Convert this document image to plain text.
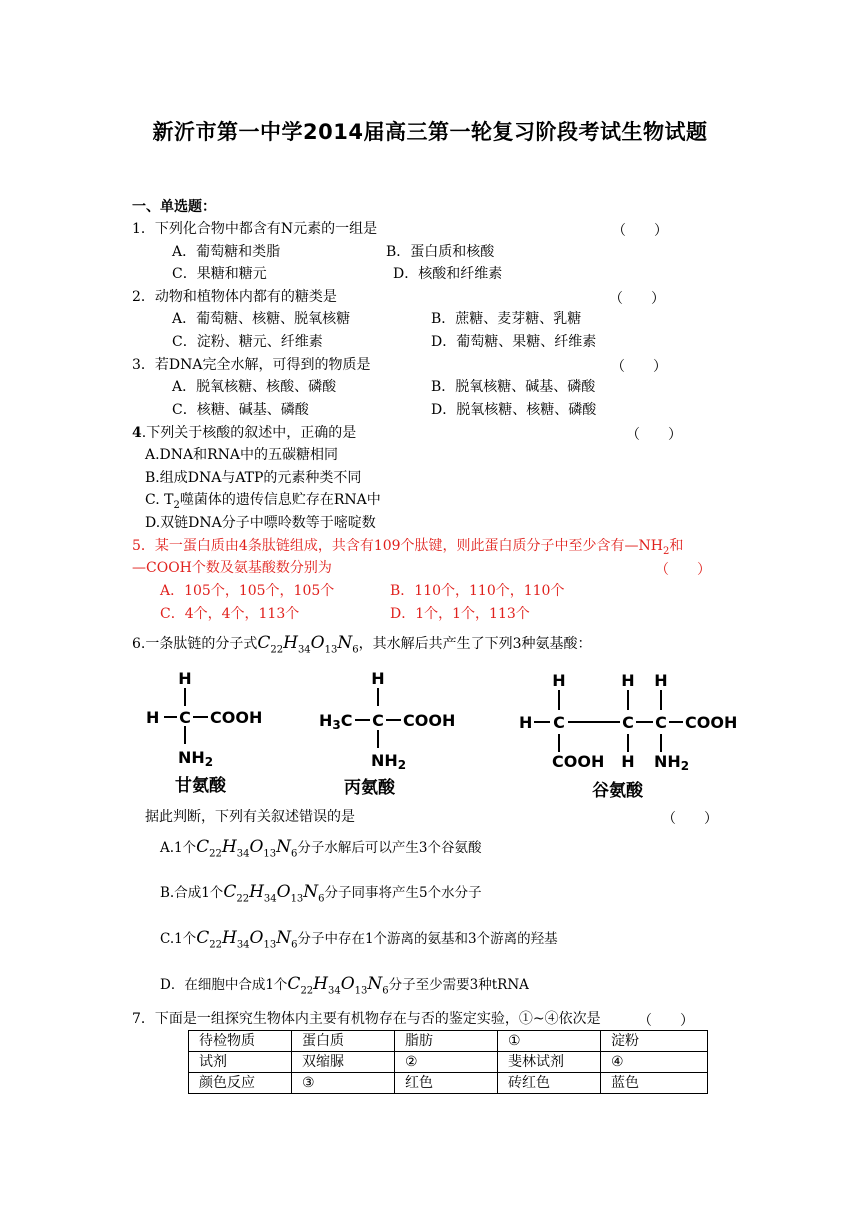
新沂市第一中学2014届高三第一轮复习阶段考试生物试题
一、单选题：
1．下列化合物中都含有N元素的一组是	（　　）
A．葡萄糖和类脂	B．蛋白质和核酸
C．果糖和糖元	D．核酸和纤维素
2．动物和植物体内都有的糖类是	（　　）
A．葡萄糖、核糖、脱氧核糖	B．蔗糖、麦芽糖、乳糖
C．淀粉、糖元、纤维素	D．葡萄糖、果糖、纤维素
3．若DNA完全水解，可得到的物质是	（　　）
A．脱氧核糖、核酸、磷酸	B．脱氧核糖、碱基、磷酸
C．核糖、碱基、磷酸	D．脱氧核糖、核糖、磷酸
4.下列关于核酸的叙述中，正确的是	（　　）
A.DNA和RNA中的五碳糖相同
B.组成DNA与ATP的元素种类不同
C. $T_2$噬菌体的遗传信息贮存在RNA中
D.双链DNA分子中嘌呤数等于嘧啶数
5．某一蛋白质由4条肽链组成，共含有109个肽键，则此蛋白质分子中至少含有$—NH_2$和
—COOH个数及氨基酸数分别为	（　　）
A．105个，105个，105个	B．110个，110个，110个
C．4个，4个，113个	D．1个，1个，113个
6.一条肽链的分子式$C_{22}H_{34}O_{13}N_6$，其水解后共产生了下列3种氨基酸：
H
H C COOH
NH2
甘氨酸
H
H3C C COOH
NH2
丙氨酸
H
H C
COOH
H
C
H
H
C COOH
NH2
谷氨酸
据此判断，下列有关叙述错误的是	（　　）
A.1个$C_{22}H_{34}O_{13}N_6$分子水解后可以产生3个谷氨酸
B.合成1个$C_{22}H_{34}O_{13}N_6$分子同事将产生5个水分子
C.1个$C_{22}H_{34}O_{13}N_6$分子中存在1个游离的氨基和3个游离的羟基
D．在细胞中合成1个$C_{22}H_{34}O_{13}N_6$分子至少需要3种tRNA
7．下面是一组探究生物体内主要有机物存在与否的鉴定实验，①~④依次是	（　　）
待检物质	蛋白质	脂肪	①	淀粉
试剂	双缩脲	②	斐林试剂	④
颜色反应	③	红色	砖红色	蓝色
